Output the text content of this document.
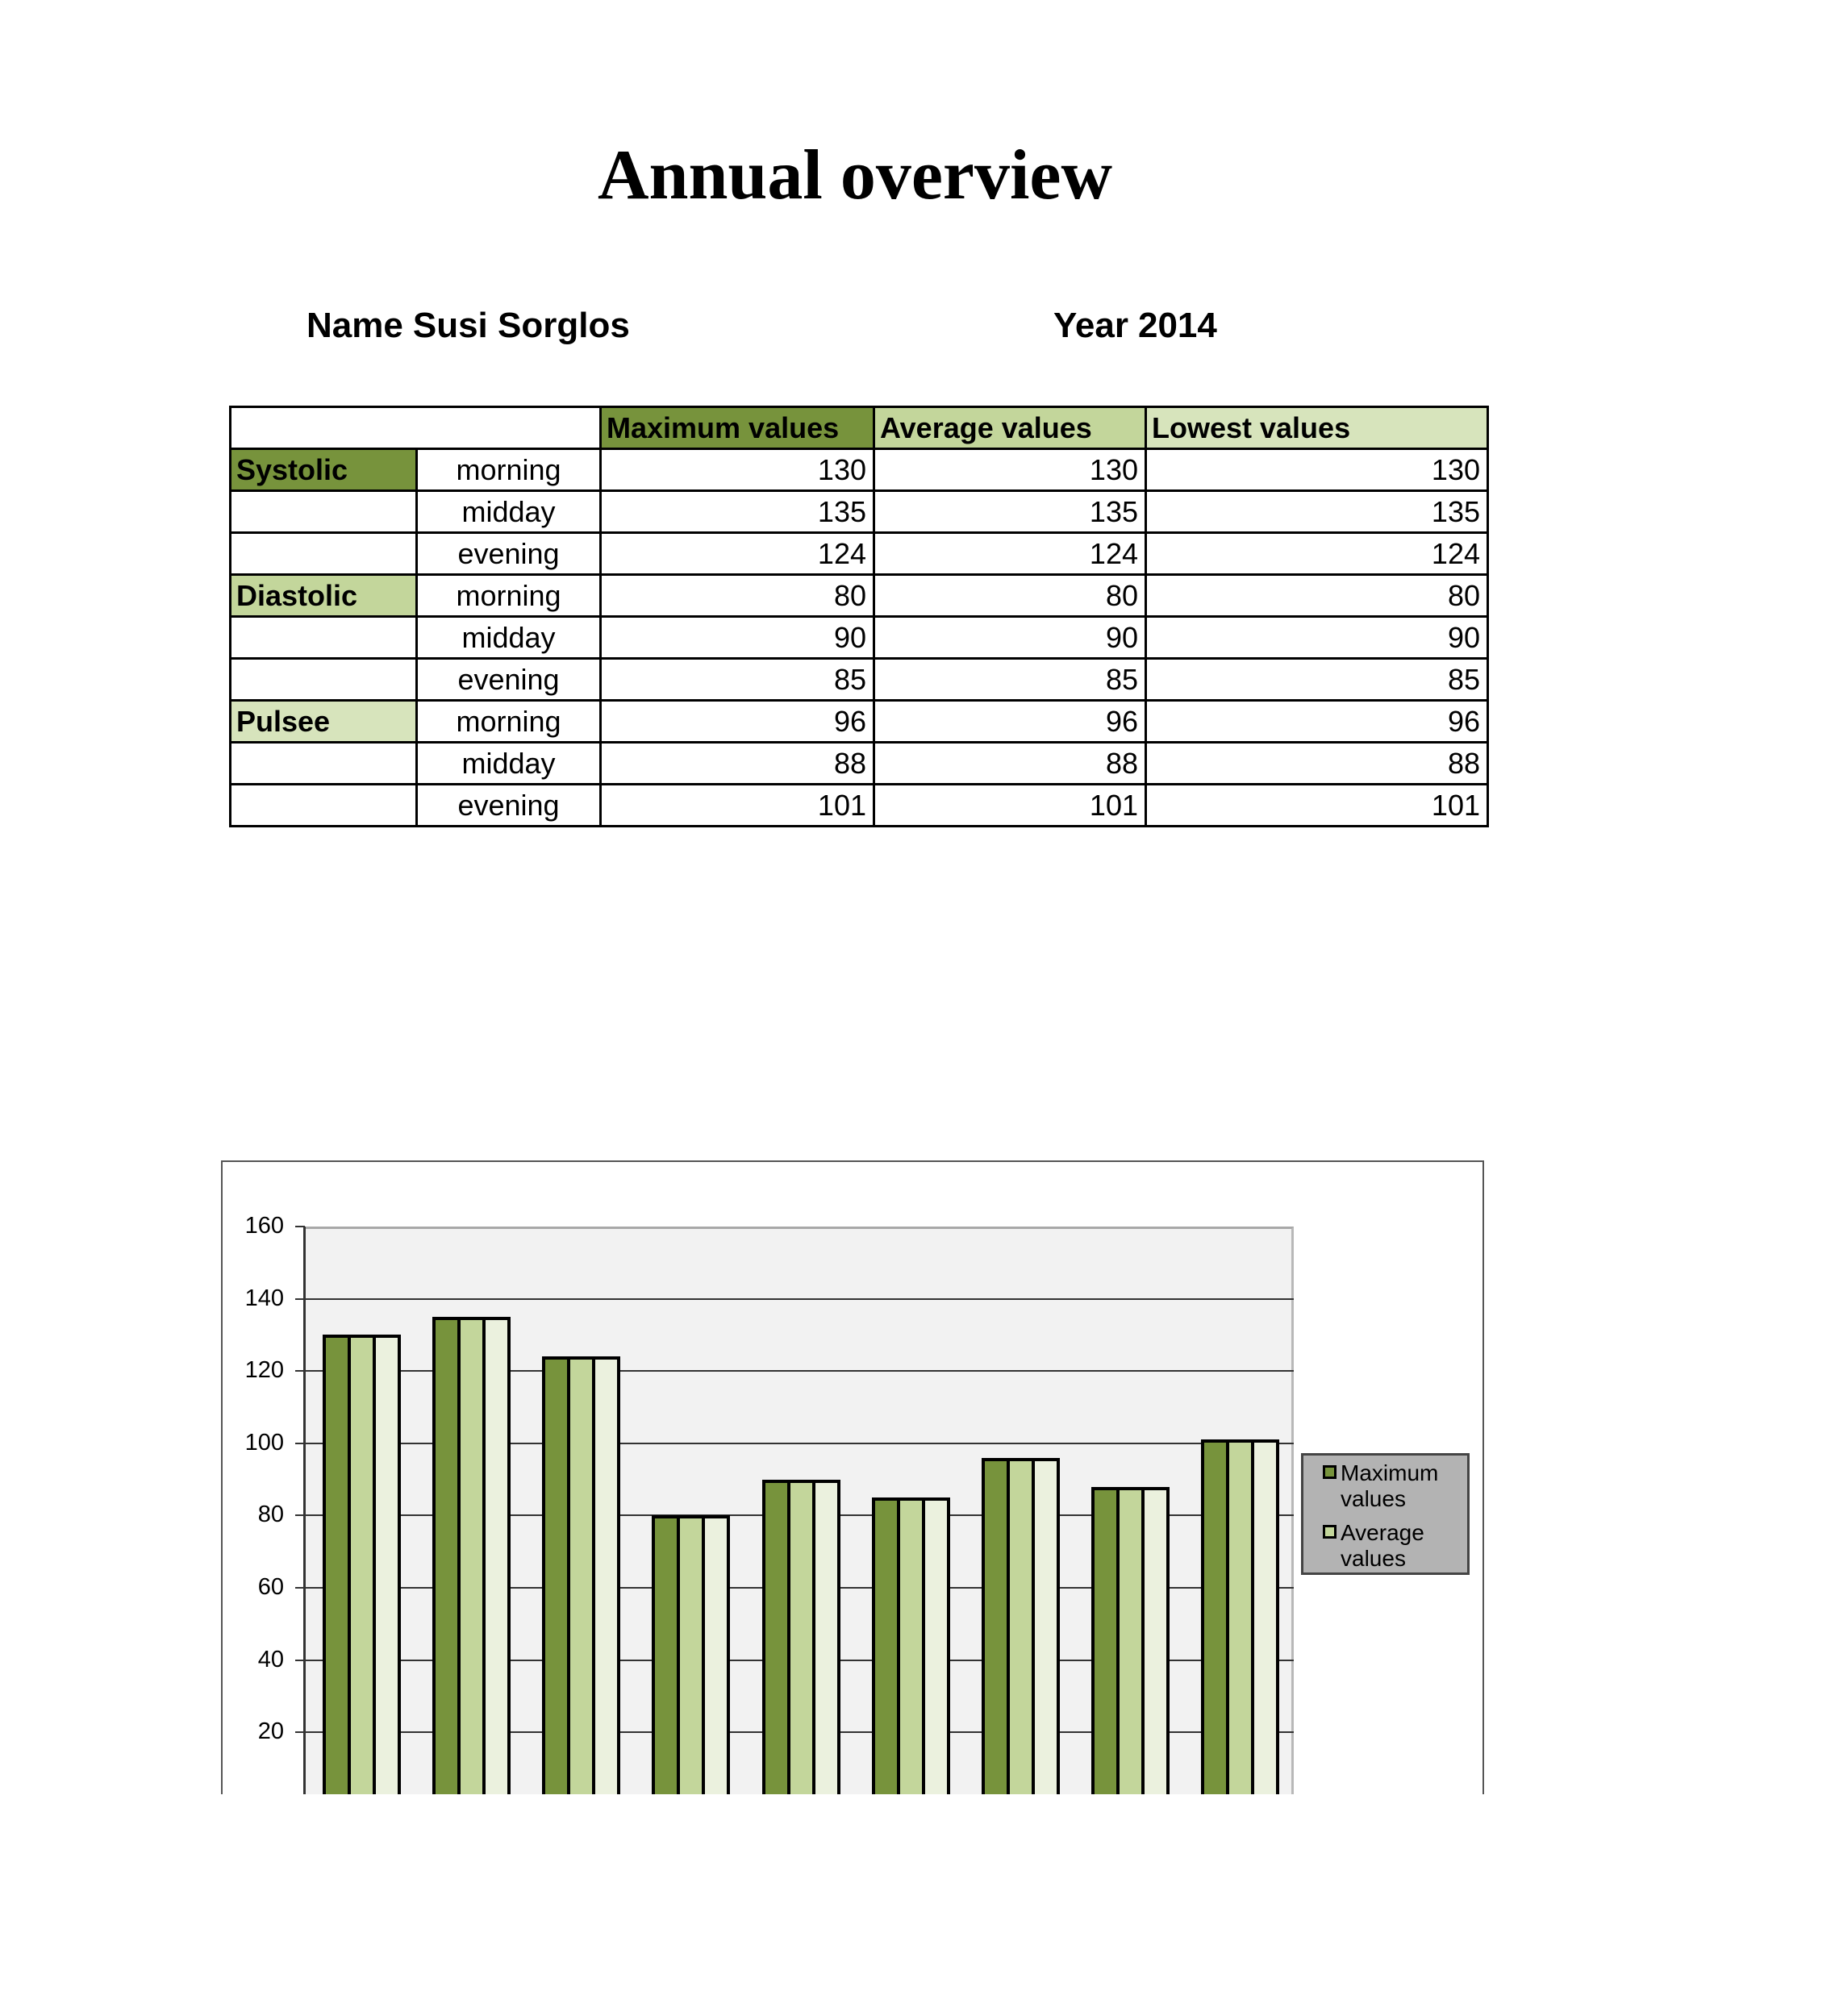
Annual overview
Name Susi Sorglos	Year 2014
		Maximum values	Average values	Lowest values
Systolic	morning	130	130	130
	midday	135	135	135
	evening	124	124	124
Diastolic	morning	80	80	80
	midday	90	90	90
	evening	85	85	85
Pulsee	morning	96	96	96
	midday	88	88	88
	evening	101	101	101
20
40
60
80
100
120
140
160
Maximum
values
Average
values
